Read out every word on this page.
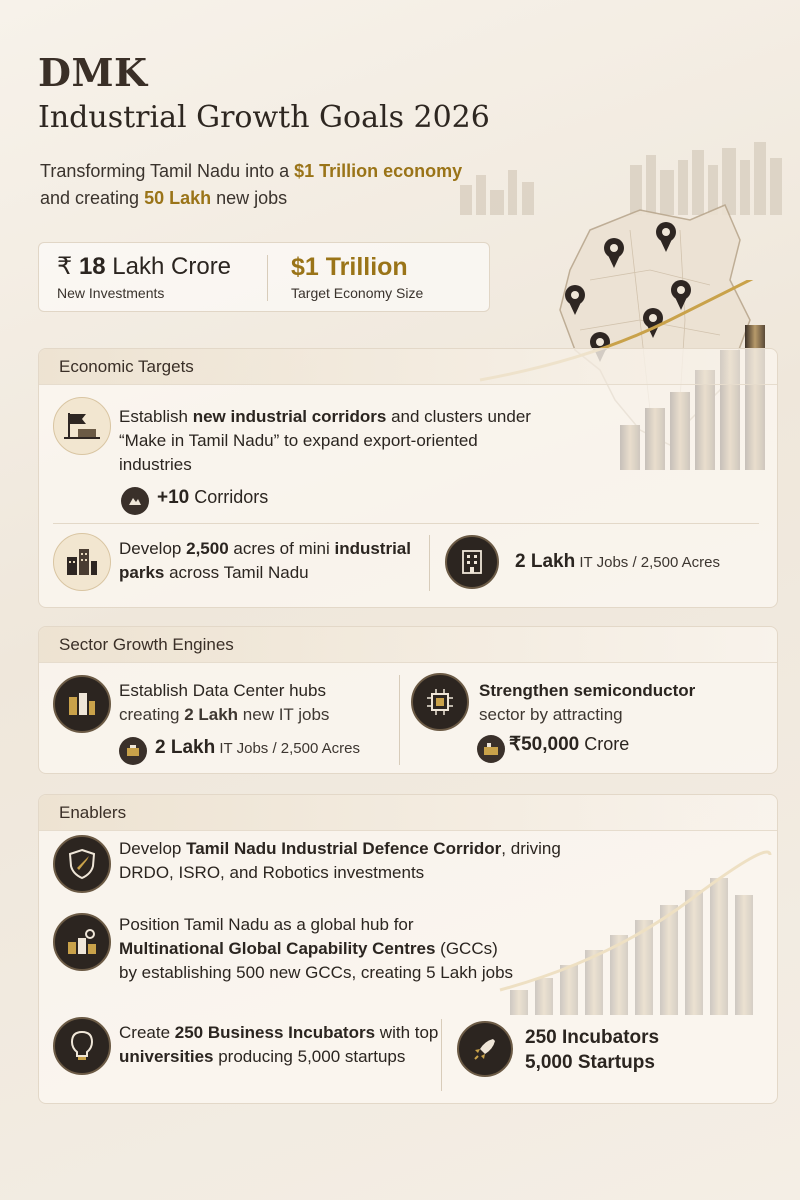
DMK
Industrial Growth Goals 2026
Transforming Tamil Nadu into a $1 Trillion economy
and creating 50 Lakh new jobs
₹ 18 Lakh Crore
New Investments
$1 Trillion
Target Economy Size
Economic Targets
Establish new industrial corridors and clusters under “Make in Tamil Nadu” to expand export-oriented industries
+10 Corridors
Develop 2,500 acres of mini industrial parks across Tamil Nadu
2 Lakh IT Jobs / 2,500 Acres
Sector Growth Engines
Establish Data Center hubs
creating 2 Lakh new IT jobs
2 Lakh IT Jobs / 2,500 Acres
Strengthen semiconductor
sector by attracting
₹50,000 Crore
Enablers
Develop Tamil Nadu Industrial Defence Corridor, driving DRDO, ISRO, and Robotics investments
Position Tamil Nadu as a global hub for Multinational Global Capability Centres (GCCs) by establishing 500 new GCCs, creating 5 Lakh jobs
Create 250 Business Incubators with top universities producing 5,000 startups
250 Incubators
5,000 Startups
